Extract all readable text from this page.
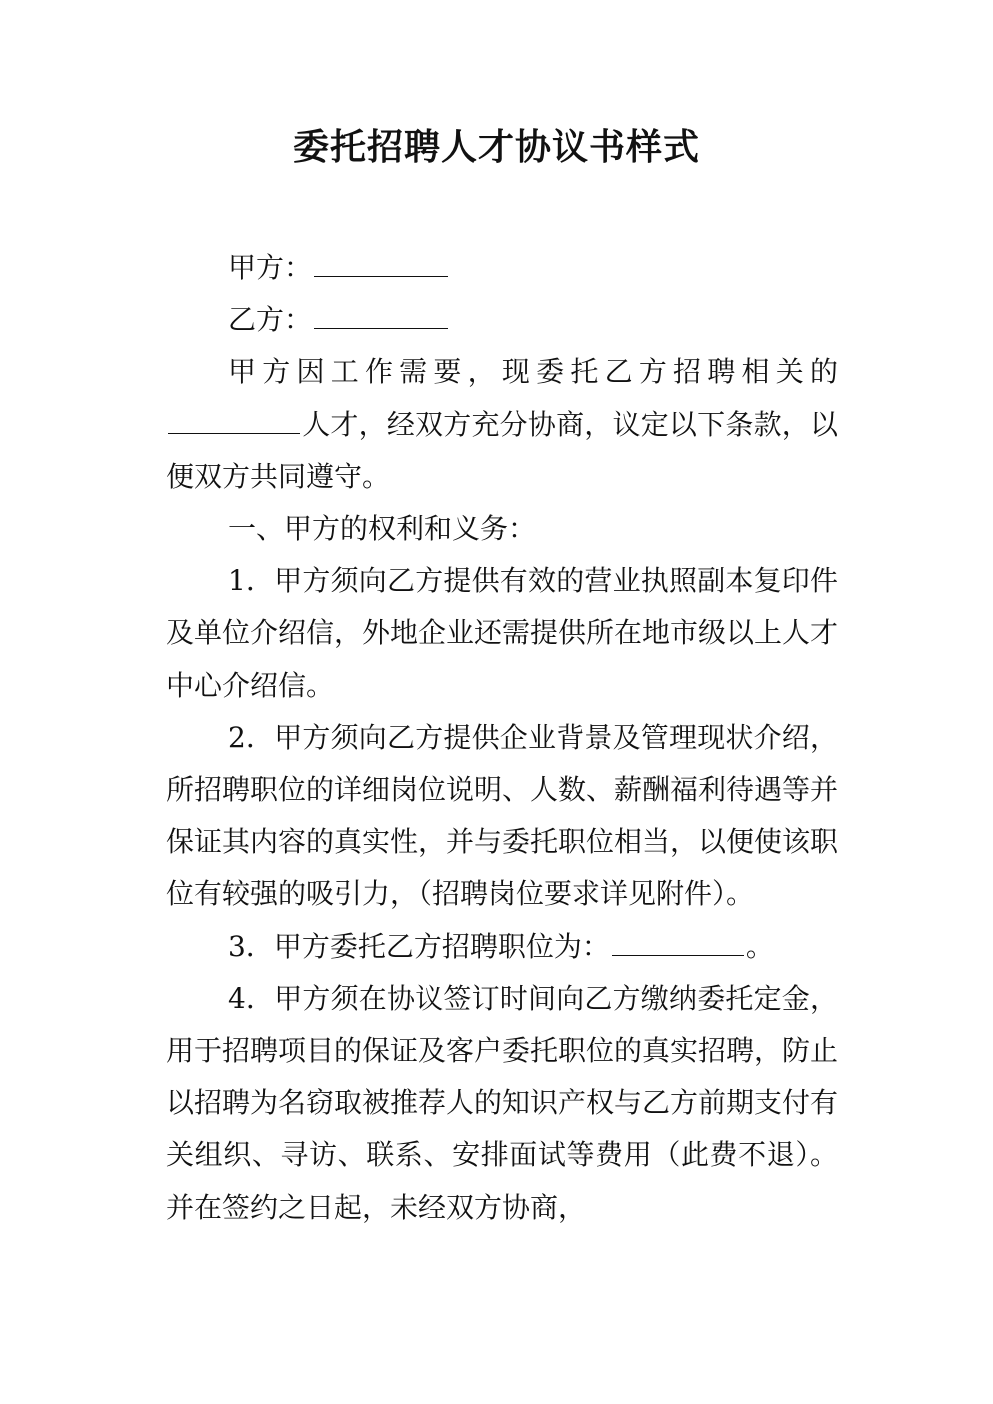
委托招聘人才协议书样式

甲方：

乙方：

甲方因工作需要，现委托乙方招聘相关的人才，经双方充分协商，议定以下条款，以便双方共同遵守。

一、甲方的权利和义务：

1．甲方须向乙方提供有效的营业执照副本复印件及单位介绍信，外地企业还需提供所在地市级以上人才中心介绍信。

2．甲方须向乙方提供企业背景及管理现状介绍，所招聘职位的详细岗位说明、人数、薪酬福利待遇等并保证其内容的真实性，并与委托职位相当，以便使该职位有较强的吸引力，（招聘岗位要求详见附件）。

3．甲方委托乙方招聘职位为：	。

4．甲方须在协议签订时间向乙方缴纳委托定金，用于招聘项目的保证及客户委托职位的真实招聘，防止以招聘为名窃取被推荐人的知识产权与乙方前期支付有关组织、寻访、联系、安排面试等费用（此费不退）。并在签约之日起，未经双方协商，
